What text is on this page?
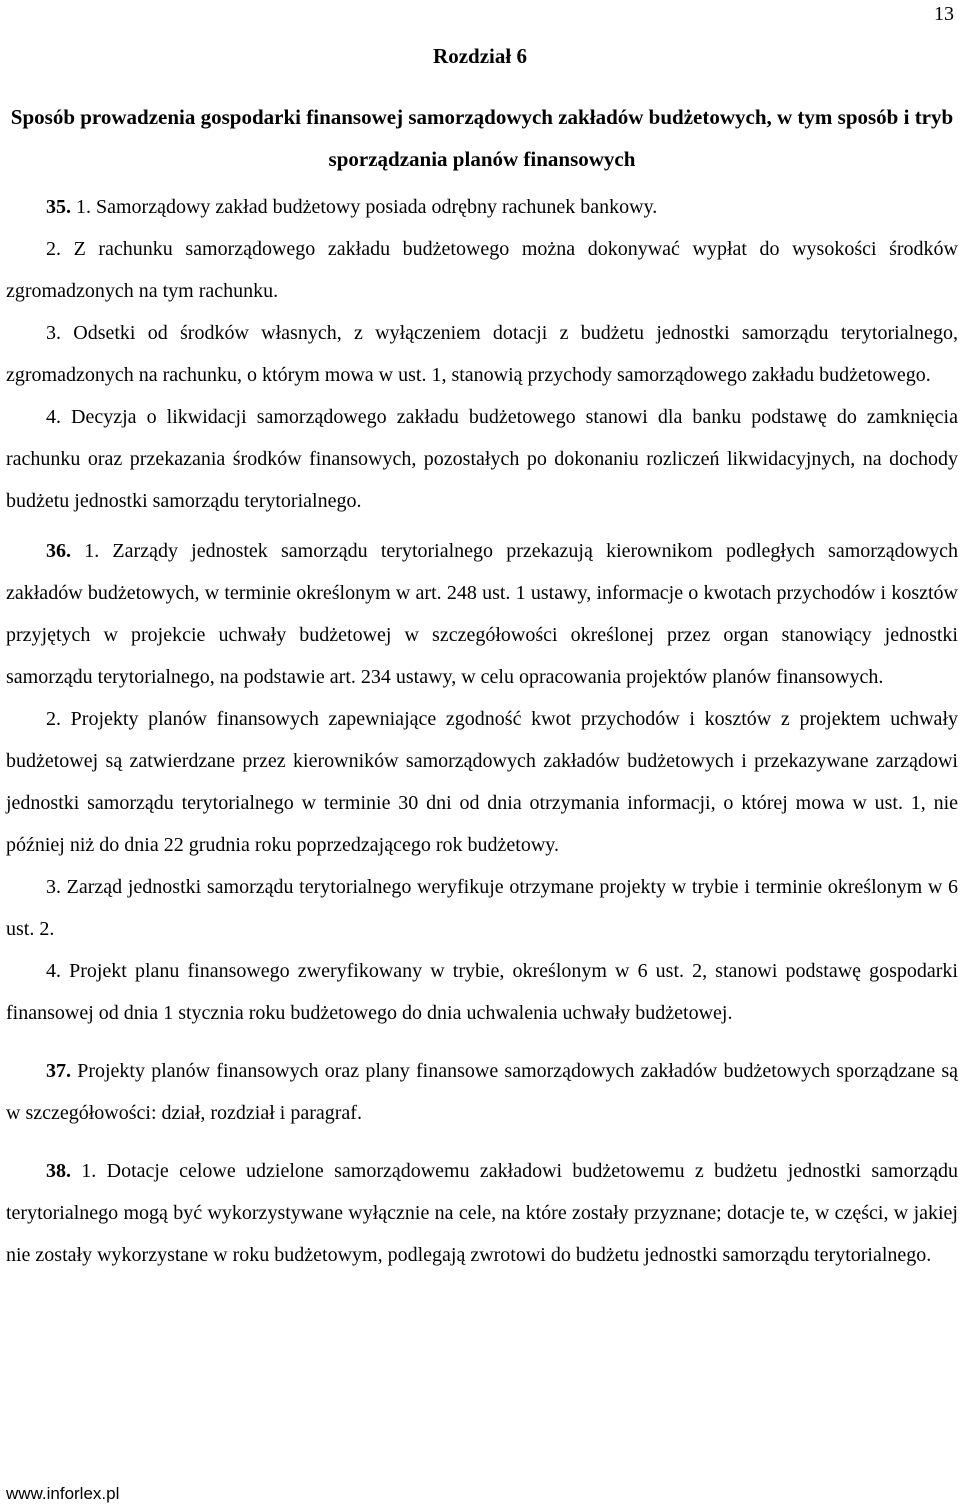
13
Rozdział 6
Sposób prowadzenia gospodarki finansowej samorządowych zakładów budżetowych, w tym sposób i tryb sporządzania planów finansowych

35. 1. Samorządowy zakład budżetowy posiada odrębny rachunek bankowy.

2. Z rachunku samorządowego zakładu budżetowego można dokonywać wypłat do wysokości środków zgromadzonych na tym rachunku.

3. Odsetki od środków własnych, z wyłączeniem dotacji z budżetu jednostki samorządu terytorialnego, zgromadzonych na rachunku, o którym mowa w ust. 1, stanowią przychody samorządowego zakładu budżetowego.

4. Decyzja o likwidacji samorządowego zakładu budżetowego stanowi dla banku podstawę do zamknięcia rachunku oraz przekazania środków finansowych, pozostałych po dokonaniu rozliczeń likwidacyjnych, na dochody budżetu jednostki samorządu terytorialnego.

36. 1. Zarządy jednostek samorządu terytorialnego przekazują kierownikom podległych samorządowych zakładów budżetowych, w terminie określonym w art. 248 ust. 1 ustawy, informacje o kwotach przychodów i kosztów przyjętych w projekcie uchwały budżetowej w szczegółowości określonej przez organ stanowiący jednostki samorządu terytorialnego, na podstawie art. 234 ustawy, w celu opracowania projektów planów finansowych.

2. Projekty planów finansowych zapewniające zgodność kwot przychodów i kosztów z projektem uchwały budżetowej są zatwierdzane przez kierowników samorządowych zakładów budżetowych i przekazywane zarządowi jednostki samorządu terytorialnego w terminie 30 dni od dnia otrzymania informacji, o której mowa w ust. 1, nie później niż do dnia 22 grudnia roku poprzedzającego rok budżetowy.

3. Zarząd jednostki samorządu terytorialnego weryfikuje otrzymane projekty w trybie i terminie określonym w 6 ust. 2.

4. Projekt planu finansowego zweryfikowany w trybie, określonym w 6 ust. 2, stanowi podstawę gospodarki finansowej od dnia 1 stycznia roku budżetowego do dnia uchwalenia uchwały budżetowej.

37. Projekty planów finansowych oraz plany finansowe samorządowych zakładów budżetowych sporządzane są w szczegółowości: dział, rozdział i paragraf.

38. 1. Dotacje celowe udzielone samorządowemu zakładowi budżetowemu z budżetu jednostki samorządu terytorialnego mogą być wykorzystywane wyłącznie na cele, na które zostały przyznane; dotacje te, w części, w jakiej nie zostały wykorzystane w roku budżetowym, podlegają zwrotowi do budżetu jednostki samorządu terytorialnego.

www.inforlex.pl
